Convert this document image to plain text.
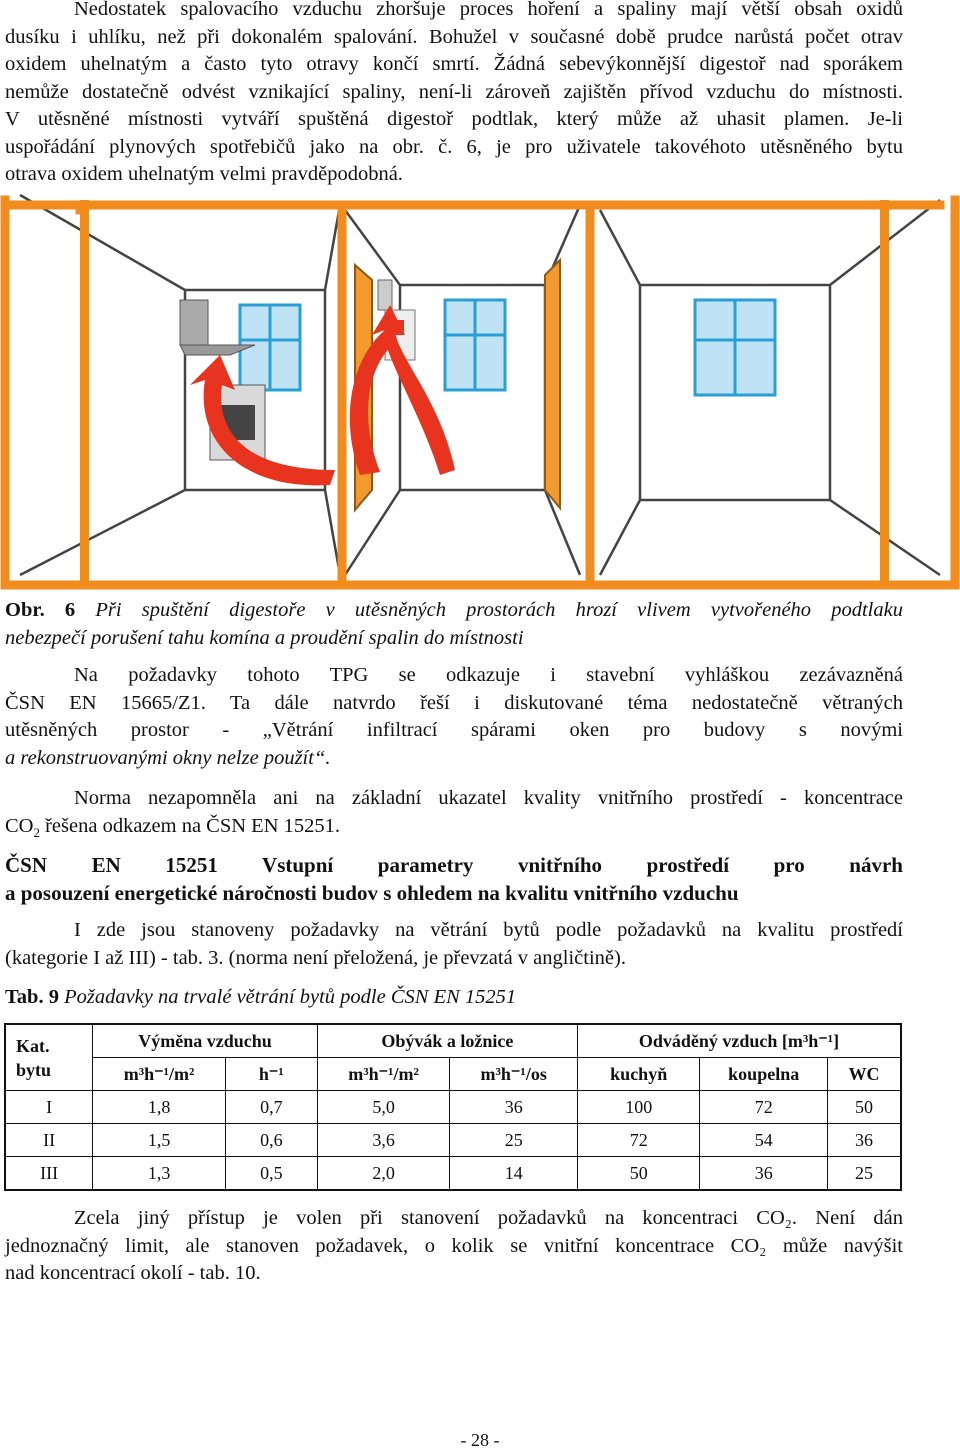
Nedostatek spalovacího vzduchu zhoršuje proces hoření a spaliny mají větší obsah oxidů
dusíku i uhlíku, než při dokonalém spalování. Bohužel v současné době prudce narůstá počet otrav
oxidem uhelnatým a často tyto otravy končí smrtí. Žádná sebevýkonnější digestoř nad sporákem
nemůže dostatečně odvést vznikající spaliny, není-li zároveň zajištěn přívod vzduchu do místnosti.
V utěsněné místnosti vytváří spuštěná digestoř podtlak, který může až uhasit plamen. Je-li
uspořádání plynových spotřebičů jako na obr. č. 6, je pro uživatele takovéhoto utěsněného bytu
otrava oxidem uhelnatým velmi pravděpodobná.
Obr. 6 Při spuštění digestoře v utěsněných prostorách hrozí vlivem vytvořeného podtlaku
nebezpečí porušení tahu komína a proudění spalin do místnosti
Na požadavky tohoto TPG se odkazuje i stavební vyhláškou zezávazněná
ČSN EN 15665/Z1. Ta dále natvrdo řeší i diskutované téma nedostatečně větraných
utěsněných prostor - „Větrání infiltrací spárami oken pro budovy s novými
a rekonstruovanými okny nelze použít“.
Norma nezapomněla ani na základní ukazatel kvality vnitřního prostředí - koncentrace
$CO_2$ řešena odkazem na ČSN EN 15251.
ČSN EN 15251 Vstupní parametry vnitřního prostředí pro návrh
a posouzení energetické náročnosti budov s ohledem na kvalitu vnitřního vzduchu
I zde jsou stanoveny požadavky na větrání bytů podle požadavků na kvalitu prostředí
(kategorie I až III) - tab. 3. (norma není přeložená, je převzatá v angličtině).
Tab. 9 Požadavky na trvalé větrání bytů podle ČSN EN 15251
Kat.
bytu	Výměna vzduchu		Obývák a ložnice		Odváděný vzduch [m³h⁻¹]		
	m³h⁻¹/m²	h⁻¹	m³h⁻¹/m²	m³h⁻¹/os	kuchyň	koupelna	WC
I	1,8	0,7	5,0	36	100	72	50
II	1,5	0,6	3,6	25	72	54	36
III	1,3	0,5	2,0	14	50	36	25
Zcela jiný přístup je volen při stanovení požadavků na koncentraci CO₂. Není dán
jednoznačný limit, ale stanoven požadavek, o kolik se vnitřní koncentrace CO₂ může navýšit
nad koncentrací okolí - tab. 10.
- 28 -
